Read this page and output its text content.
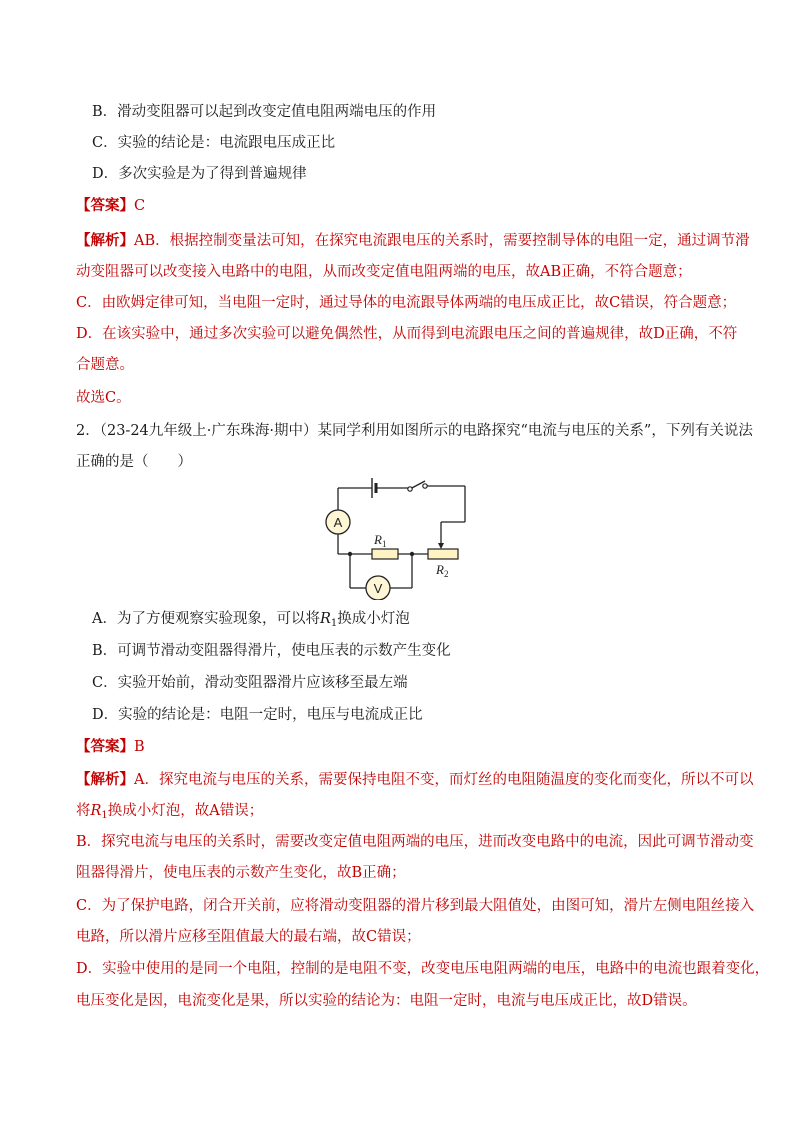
B．滑动变阻器可以起到改变定值电阻两端电压的作用
C．实验的结论是：电流跟电压成正比
D．多次实验是为了得到普遍规律
【答案】C
【解析】AB．根据控制变量法可知，在探究电流跟电压的关系时，需要控制导体的电阻一定，通过调节滑
动变阻器可以改变接入电路中的电阻，从而改变定值电阻两端的电压，故AB正确，不符合题意；
C．由欧姆定律可知，当电阻一定时，通过导体的电流跟导体两端的电压成正比，故C错误，符合题意；
D．在该实验中，通过多次实验可以避免偶然性，从而得到电流跟电压之间的普遍规律，故D正确，不符
合题意。
故选C。
2．（23-24九年级上·广东珠海·期中）某同学利用如图所示的电路探究“电流与电压的关系”，下列有关说法
正确的是（　　）
A
$R_1$
$R_2$
V
A．为了方便观察实验现象，可以将$R_1$换成小灯泡
B．可调节滑动变阻器得滑片，使电压表的示数产生变化
C．实验开始前，滑动变阻器滑片应该移至最左端
D．实验的结论是：电阻一定时，电压与电流成正比
【答案】B
【解析】A．探究电流与电压的关系，需要保持电阻不变，而灯丝的电阻随温度的变化而变化，所以不可以
将$R_1$换成小灯泡，故A错误；
B．探究电流与电压的关系时，需要改变定值电阻两端的电压，进而改变电路中的电流，因此可调节滑动变
阻器得滑片，使电压表的示数产生变化，故B正确；
C．为了保护电路，闭合开关前，应将滑动变阻器的滑片移到最大阻值处，由图可知，滑片左侧电阻丝接入
电路，所以滑片应移至阻值最大的最右端，故C错误；
D．实验中使用的是同一个电阻，控制的是电阻不变，改变电压电阻两端的电压，电路中的电流也跟着变化，
电压变化是因，电流变化是果，所以实验的结论为：电阻一定时，电流与电压成正比，故D错误。
